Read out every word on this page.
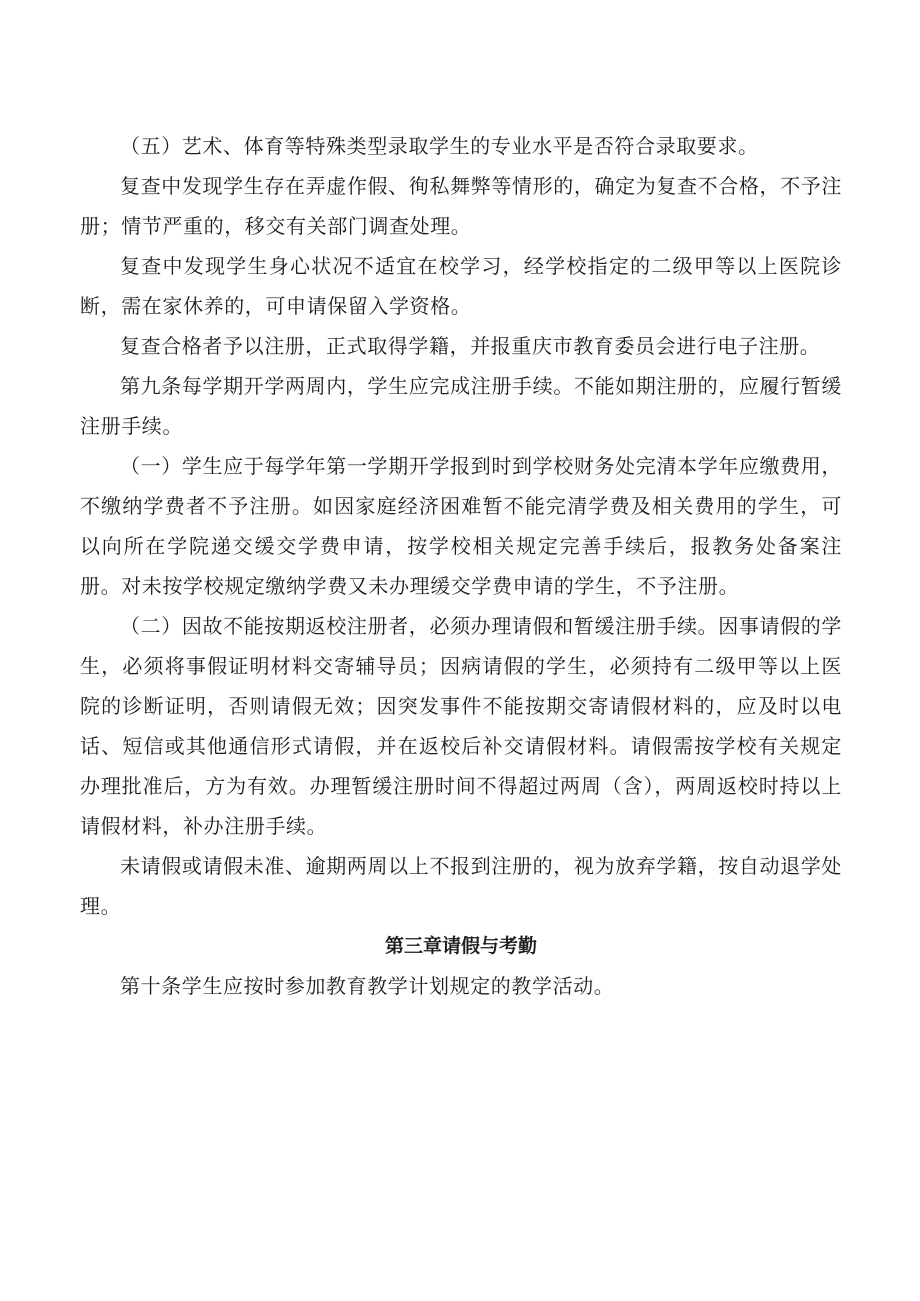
（五）艺术、体育等特殊类型录取学生的专业水平是否符合录取要求。

复查中发现学生存在弄虚作假、徇私舞弊等情形的，确定为复查不合格，不予注册；情节严重的，移交有关部门调查处理。

复查中发现学生身心状况不适宜在校学习，经学校指定的二级甲等以上医院诊断，需在家休养的，可申请保留入学资格。

复查合格者予以注册，正式取得学籍，并报重庆市教育委员会进行电子注册。

第九条每学期开学两周内，学生应完成注册手续。不能如期注册的，应履行暂缓注册手续。

（一）学生应于每学年第一学期开学报到时到学校财务处完清本学年应缴费用，不缴纳学费者不予注册。如因家庭经济困难暂不能完清学费及相关费用的学生，可以向所在学院递交缓交学费申请，按学校相关规定完善手续后，报教务处备案注册。对未按学校规定缴纳学费又未办理缓交学费申请的学生，不予注册。

（二）因故不能按期返校注册者，必须办理请假和暂缓注册手续。因事请假的学生，必须将事假证明材料交寄辅导员；因病请假的学生，必须持有二级甲等以上医院的诊断证明，否则请假无效；因突发事件不能按期交寄请假材料的，应及时以电话、短信或其他通信形式请假，并在返校后补交请假材料。请假需按学校有关规定办理批准后，方为有效。办理暂缓注册时间不得超过两周（含），两周返校时持以上请假材料，补办注册手续。

未请假或请假未准、逾期两周以上不报到注册的，视为放弃学籍，按自动退学处理。

第三章请假与考勤

第十条学生应按时参加教育教学计划规定的教学活动。
